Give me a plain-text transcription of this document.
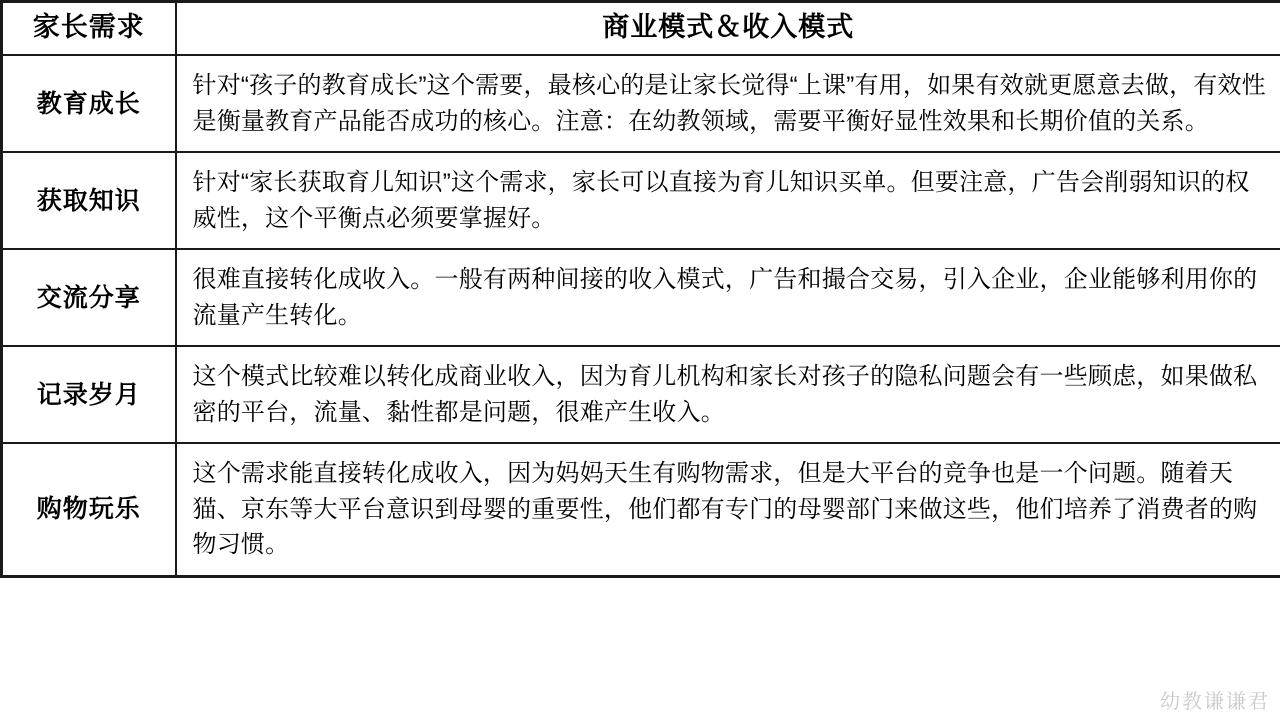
家长需求	商业模式＆收入模式
教育成长	针对“孩子的教育成长”这个需要，最核心的是让家长觉得“上课”有用，如果有效就更愿意去做，有效性是衡量教育产品能否成功的核心。注意：在幼教领域，需要平衡好显性效果和长期价值的关系。
获取知识	针对“家长获取育儿知识”这个需求，家长可以直接为育儿知识买单。但要注意，广告会削弱知识的权威性，这个平衡点必须要掌握好。
交流分享	很难直接转化成收入。一般有两种间接的收入模式，广告和撮合交易，引入企业，企业能够利用你的流量产生转化。
记录岁月	这个模式比较难以转化成商业收入，因为育儿机构和家长对孩子的隐私问题会有一些顾虑，如果做私密的平台，流量、黏性都是问题，很难产生收入。
购物玩乐	这个需求能直接转化成收入，因为妈妈天生有购物需求，但是大平台的竞争也是一个问题。随着天猫、京东等大平台意识到母婴的重要性，他们都有专门的母婴部门来做这些，他们培养了消费者的购物习惯。
幼教谦谦君
